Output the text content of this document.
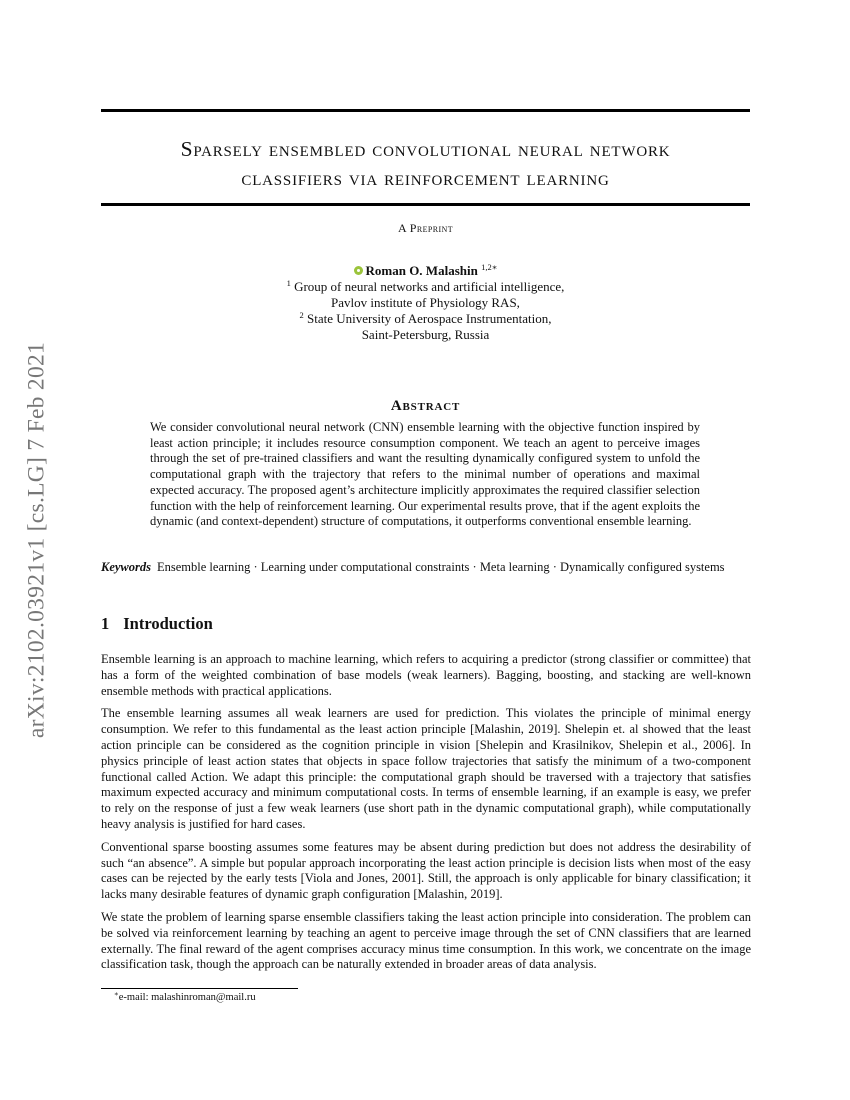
arXiv:2102.03921v1 [cs.LG] 7 Feb 2021
Sparsely ensembled convolutional neural network
classifiers via reinforcement learning
A Preprint
Roman O. Malashin $^{1,2∗}$
$^1$ Group of neural networks and artificial intelligence,
Pavlov institute of Physiology RAS,
$^2$ State University of Aerospace Instrumentation,
Saint-Petersburg, Russia
Abstract
We consider convolutional neural network (CNN) ensemble learning with the objective function inspired by least action principle; it includes resource consumption component. We teach an agent to perceive images through the set of pre-trained classifiers and want the resulting dynamically configured system to unfold the computational graph with the trajectory that refers to the minimal number of operations and maximal expected accuracy. The proposed agent’s architecture implicitly approximates the required classifier selection function with the help of reinforcement learning. Our experimental results prove, that if the agent exploits the dynamic (and context-dependent) structure of computations, it outperforms conventional ensemble learning.
Keywords Ensemble learning · Learning under computational constraints · Meta learning · Dynamically configured systems
1 Introduction

Ensemble learning is an approach to machine learning, which refers to acquiring a predictor (strong classifier or committee) that has a form of the weighted combination of base models (weak learners). Bagging, boosting, and stacking are well-known ensemble methods with practical applications.

The ensemble learning assumes all weak learners are used for prediction. This violates the principle of minimal energy consumption. We refer to this fundamental as the least action principle [Malashin, 2019]. Shelepin et. al showed that the least action principle can be considered as the cognition principle in vision [Shelepin and Krasilnikov, Shelepin et al., 2006]. In physics principle of least action states that objects in space follow trajectories that satisfy the minimum of a two-component functional called Action. We adapt this principle: the computational graph should be traversed with a trajectory that satisfies maximum expected accuracy and minimum computational costs. In terms of ensemble learning, if an example is easy, we prefer to rely on the response of just a few weak learners (use short path in the dynamic computational graph), while computationally heavy analysis is justified for hard cases.

Conventional sparse boosting assumes some features may be absent during prediction but does not address the desirability of such “an absence”. A simple but popular approach incorporating the least action principle is decision lists when most of the easy cases can be rejected by the early tests [Viola and Jones, 2001]. Still, the approach is only applicable for binary classification; it lacks many desirable features of dynamic graph configuration [Malashin, 2019].

We state the problem of learning sparse ensemble classifiers taking the least action principle into consideration. The problem can be solved via reinforcement learning by teaching an agent to perceive image through the set of CNN classifiers that are learned externally. The final reward of the agent comprises accuracy minus time consumption. In this work, we concentrate on the image classification task, though the approach can be naturally extended in broader areas of data analysis.

∗e-mail: malashinroman@mail.ru
